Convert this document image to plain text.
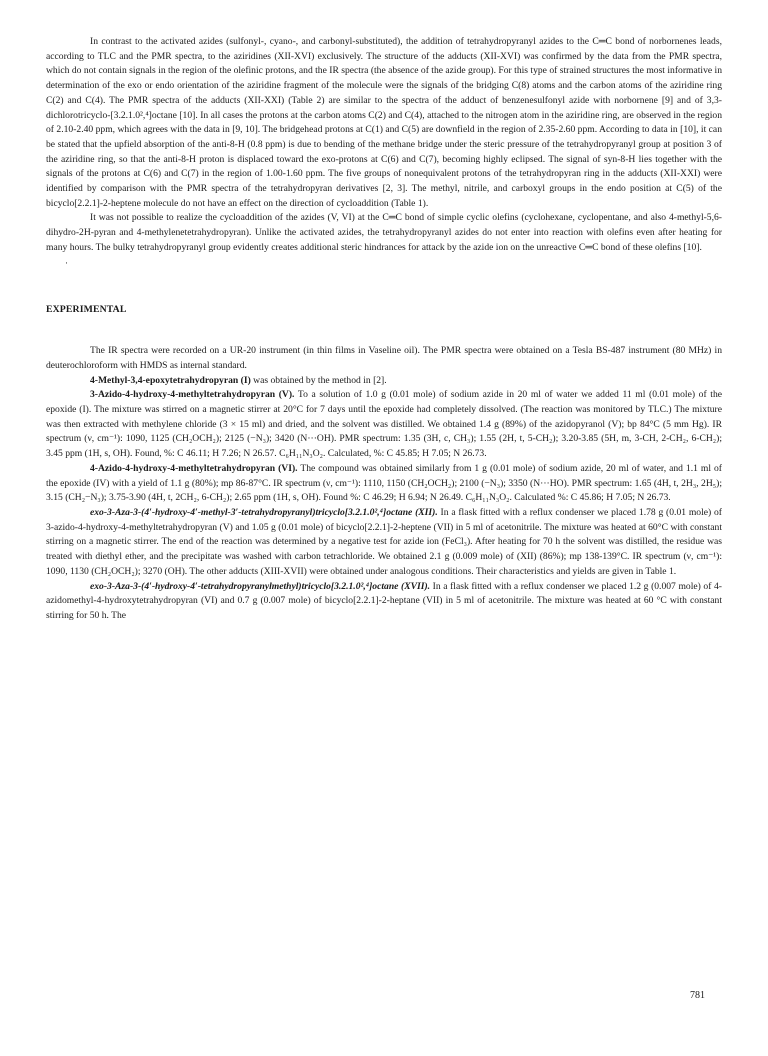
In contrast to the activated azides (sulfonyl-, cyano-, and carbonyl-substituted), the addition of tetrahydropyranyl azides to the C═C bond of norbornenes leads, according to TLC and the PMR spectra, to the aziridines (XII-XVI) exclusively. The structure of the adducts (XII-XVI) was confirmed by the data from the PMR spectra, which do not contain signals in the region of the olefinic protons, and the IR spectra (the absence of the azide group). For this type of strained structures the most informative in determination of the exo or endo orientation of the aziridine fragment of the molecule were the signals of the bridging C(8) atoms and the carbon atoms of the aziridine ring C(2) and C(4). The PMR spectra of the adducts (XII-XXI) (Table 2) are similar to the spectra of the adduct of benzenesulfonyl azide with norbornene [9] and of 3,3-dichlorotricyclo-[3.2.1.0²,⁴]octane [10]. In all cases the protons at the carbon atoms C(2) and C(4), attached to the nitrogen atom in the aziridine ring, are observed in the region of 2.10-2.40 ppm, which agrees with the data in [9, 10]. The bridgehead protons at C(1) and C(5) are downfield in the region of 2.35-2.60 ppm. According to data in [10], it can be stated that the upfield absorption of the anti-8-H (0.8 ppm) is due to bending of the methane bridge under the steric pressure of the tetrahydropyranyl group at position 3 of the aziridine ring, so that the anti-8-H proton is displaced toward the exo-protons at C(6) and C(7), becoming highly eclipsed. The signal of syn-8-H lies together with the signals of the protons at C(6) and C(7) in the region of 1.00-1.60 ppm. The five groups of nonequivalent protons of the tetrahydropyran ring in the adducts (XII-XXI) were identified by comparison with the PMR spectra of the tetrahydropyran derivatives [2, 3]. The methyl, nitrile, and carboxyl groups in the endo position at C(5) of the bicyclo[2.2.1]-2-heptene molecule do not have an effect on the direction of cycloaddition (Table 1).

It was not possible to realize the cycloaddition of the azides (V, VI) at the C═C bond of simple cyclic olefins (cyclohexane, cyclopentane, and also 4-methyl-5,6-dihydro-2H-pyran and 4-methylenetetrahydropyran). Unlike the activated azides, the tetrahydropyranyl azides do not enter into reaction with olefins even after heating for many hours. The bulky tetrahydropyranyl group evidently creates additional steric hindrances for attack by the azide ion on the unreactive C═C bond of these olefins [10].

·
EXPERIMENTAL

The IR spectra were recorded on a UR-20 instrument (in thin films in Vaseline oil). The PMR spectra were obtained on a Tesla BS-487 instrument (80 MHz) in deuterochloroform with HMDS as internal standard.

4-Methyl-3,4-epoxytetrahydropyran (I) was obtained by the method in [2].

3-Azido-4-hydroxy-4-methyltetrahydropyran (V). To a solution of 1.0 g (0.01 mole) of sodium azide in 20 ml of water we added 11 ml (0.01 mole) of the epoxide (I). The mixture was stirred on a magnetic stirrer at 20°C for 7 days until the epoxide had completely dissolved. (The reaction was monitored by TLC.) The mixture was then extracted with methylene chloride (3 × 15 ml) and dried, and the solvent was distilled. We obtained 1.4 g (89%) of the azidopyranol (V); bp 84°C (5 mm Hg). IR spectrum (ν, cm⁻¹): 1090, 1125 (CH₂OCH₂); 2125 (−N₃); 3420 (N···OH). PMR spectrum: 1.35 (3H, c, CH₃); 1.55 (2H, t, 5-CH₂); 3.20-3.85 (5H, m, 3-CH, 2-CH₂, 6-CH₂); 3.45 ppm (1H, s, OH). Found, %: C 46.11; H 7.26; N 26.57. C₆H₁₁N₃O₂. Calculated, %: C 45.85; H 7.05; N 26.73.

4-Azido-4-hydroxy-4-methyltetrahydropyran (VI). The compound was obtained similarly from 1 g (0.01 mole) of sodium azide, 20 ml of water, and 1.1 ml of the epoxide (IV) with a yield of 1.1 g (80%); mp 86-87°C. IR spectrum (ν, cm⁻¹): 1110, 1150 (CH₂OCH₂); 2100 (−N₃); 3350 (N···HO). PMR spectrum: 1.65 (4H, t, 2H₃, 2H₅); 3.15 (CH₂−N₃); 3.75-3.90 (4H, t, 2CH₂, 6-CH₂); 2.65 ppm (1H, s, OH). Found %: C 46.29; H 6.94; N 26.49. C₆H₁₁N₃O₂. Calculated %: C 45.86; H 7.05; N 26.73.

exo-3-Aza-3-(4′-hydroxy-4′-methyl-3′-tetrahydropyranyl)tricyclo[3.2.1.0²,⁴]octane (XII). In a flask fitted with a reflux condenser we placed 1.78 g (0.01 mole) of 3-azido-4-hydroxy-4-methyltetrahydropyran (V) and 1.05 g (0.01 mole) of bicyclo[2.2.1]-2-heptene (VII) in 5 ml of acetonitrile. The mixture was heated at 60°C with constant stirring on a magnetic stirrer. The end of the reaction was determined by a negative test for azide ion (FeCl₃). After heating for 70 h the solvent was distilled, the residue was treated with diethyl ether, and the precipitate was washed with carbon tetrachloride. We obtained 2.1 g (0.009 mole) of (XII) (86%); mp 138-139°C. IR spectrum (ν, cm⁻¹): 1090, 1130 (CH₂OCH₂); 3270 (OH). The other adducts (XIII-XVII) were obtained under analogous conditions. Their characteristics and yields are given in Table 1.

exo-3-Aza-3-(4′-hydroxy-4′-tetrahydropyranylmethyl)tricyclo[3.2.1.0²,⁴]octane (XVII). In a flask fitted with a reflux condenser we placed 1.2 g (0.007 mole) of 4-azidomethyl-4-hydroxytetrahydropyran (VI) and 0.7 g (0.007 mole) of bicyclo[2.2.1]-2-heptane (VII) in 5 ml of acetonitrile. The mixture was heated at 60 °C with constant stirring for 50 h. The

781
